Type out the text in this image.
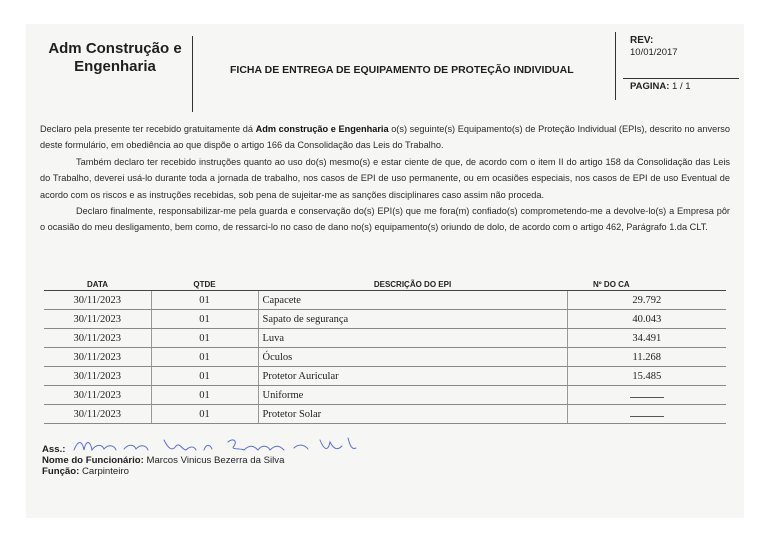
Adm Construção e Engenharia	FICHA DE ENTREGA DE EQUIPAMENTO DE PROTEÇÃO INDIVIDUAL
REV:
10/01/2017
PAGINA: 1 / 1

Declaro pela presente ter recebido gratuitamente dá Adm construção e Engenharia o(s) seguinte(s) Equipamento(s) de Proteção Individual (EPIs), descrito no anverso deste formulário, em obediência ao que dispõe o artigo 166 da Consolidação das Leis do Trabalho.

Também declaro ter recebido instruções quanto ao uso do(s) mesmo(s) e estar ciente de que, de acordo com o item II do artigo 158 da Consolidação das Leis do Trabalho, deverei usá-lo durante toda a jornada de trabalho, nos casos de EPI de uso permanente, ou em ocasiões especiais, nos casos de EPI de uso Eventual de acordo com os riscos e as instruções recebidas, sob pena de sujeitar-me as sanções disciplinares caso assim não proceda.

Declaro finalmente, responsabilizar-me pela guarda e conservação do(s) EPI(s) que me fora(m) confiado(s) comprometendo-me a devolve-lo(s) a Empresa pôr o ocasião do meu desligamento, bem como, de ressarci-lo no caso de dano no(s) equipamento(s) oriundo de dolo, de acordo com o artigo 462, Parágrafo 1.da CLT.

DATA	QTDE	DESCRIÇÃO DO EPI	Nº DO CA
30/11/2023	01	Capacete	29.792
30/11/2023	01	Sapato de segurança	40.043
30/11/2023	01	Luva	34.491
30/11/2023	01	Óculos	11.268
30/11/2023	01	Protetor Auricular	15.485
30/11/2023	01	Uniforme	
30/11/2023	01	Protetor Solar	
Ass.:
Nome do Funcionário: Marcos Vinicus Bezerra da Silva
Função: Carpinteiro
